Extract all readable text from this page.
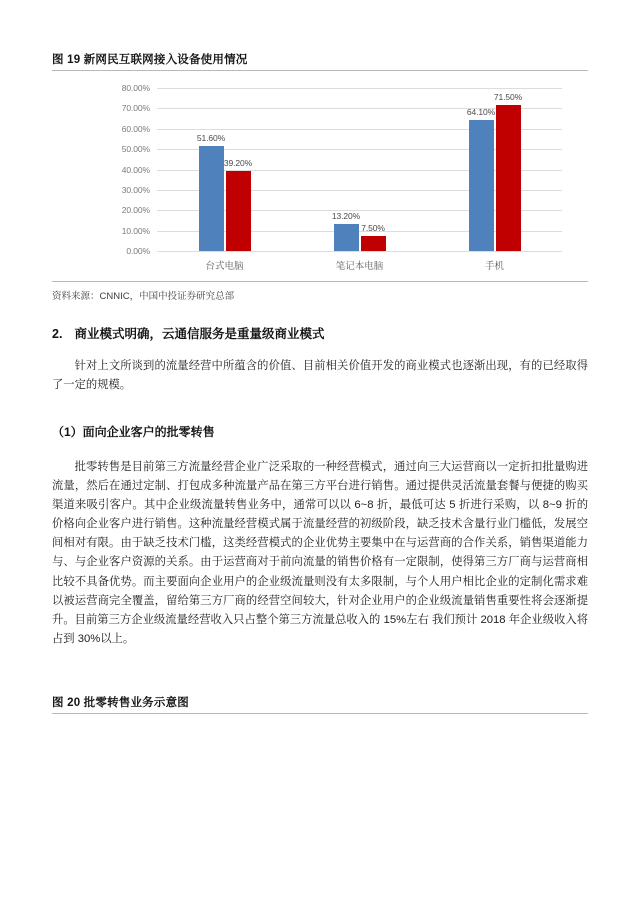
图 19 新网民互联网接入设备使用情况
80.00%
70.00%
60.00%
50.00%
40.00%
30.00%
20.00%
10.00%
0.00%
51.60%
39.20%
13.20%
7.50%
64.10%
71.50%
台式电脑	笔记本电脑	手机
资料来源：CNNIC，中国中投证券研究总部
2. 商业模式明确，云通信服务是重量级商业模式
针对上文所谈到的流量经营中所蕴含的价值、目前相关价值开发的商业模式也逐渐出现，有的已经取得了一定的规模。
（1）面向企业客户的批零转售
批零转售是目前第三方流量经营企业广泛采取的一种经营模式，通过向三大运营商以一定折扣批量购进流量，然后在通过定制、打包成多种流量产品在第三方平台进行销售。通过提供灵活流量套餐与便捷的购买渠道来吸引客户。其中企业级流量转售业务中，通常可以以 6~8 折，最低可达 5 折进行采购，以 8~9 折的价格向企业客户进行销售。这种流量经营模式属于流量经营的初级阶段，缺乏技术含量行业门槛低，发展空间相对有限。由于缺乏技术门槛，这类经营模式的企业优势主要集中在与运营商的合作关系，销售渠道能力与、与企业客户资源的关系。由于运营商对于前向流量的销售价格有一定限制，使得第三方厂商与运营商相比较不具备优势。而主要面向企业用户的企业级流量则没有太多限制，与个人用户相比企业的定制化需求难以被运营商完全覆盖，留给第三方厂商的经营空间较大，针对企业用户的企业级流量销售重要性将会逐渐提升。目前第三方企业级流量经营收入只占整个第三方流量总收入的 15%左右 我们预计 2018 年企业级收入将占到 30%以上。
图 20 批零转售业务示意图
